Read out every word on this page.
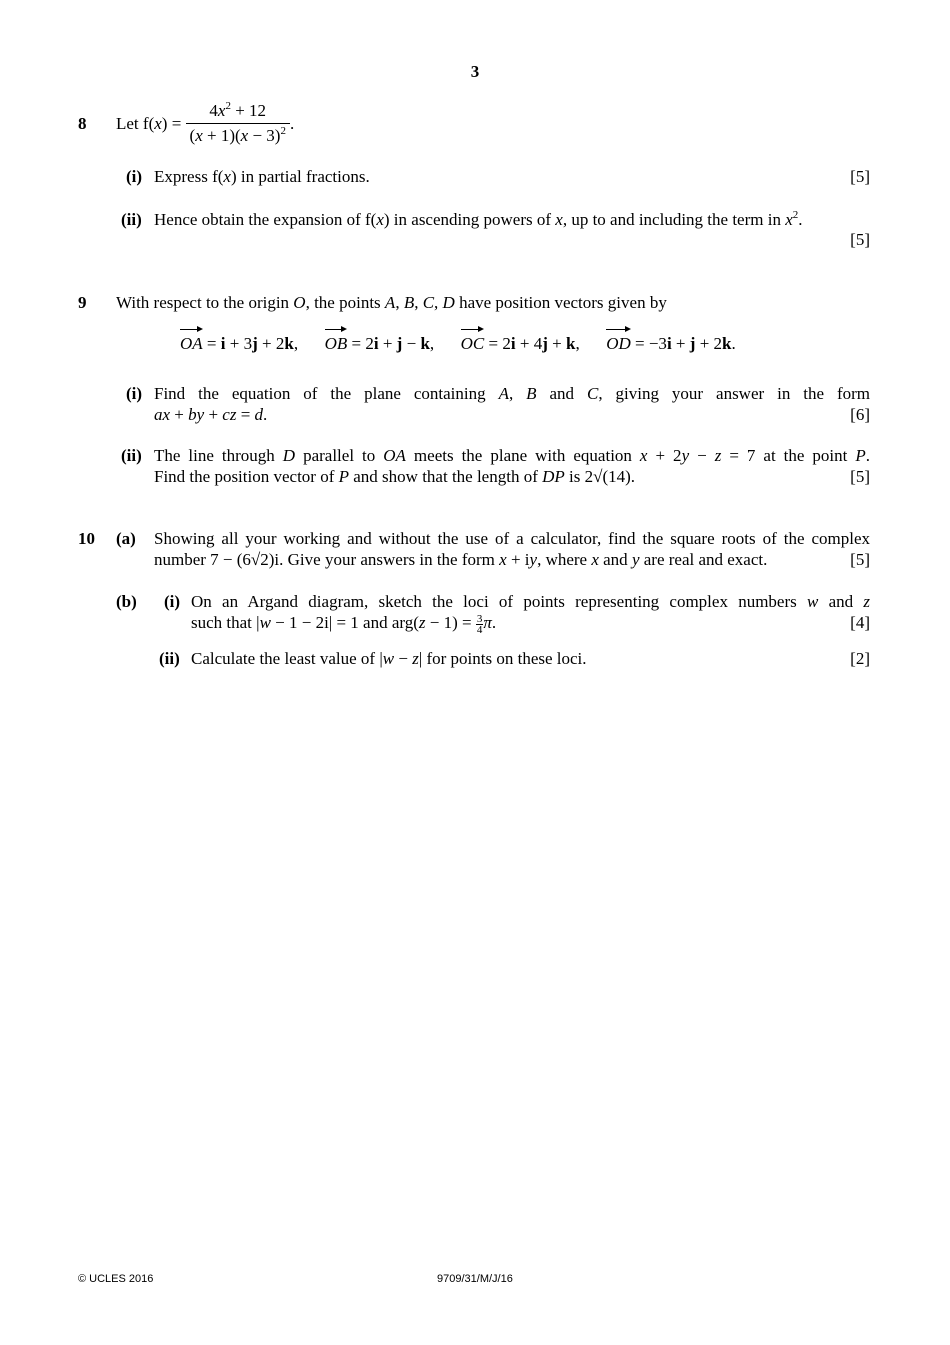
3
8 Let $f(x) = \frac{4x^2 + 12}{(x + 1)(x - 3)^2}$ .
(i) Express f(x) in partial fractions.	[5]
(ii) Hence obtain the expansion of f(x) in ascending powers of x, up to and including the term in $x^2$.
[5]
9 With respect to the origin O, the points A, B, C, D have position vectors given by
OA = i + 3j + 2k, OB = 2i + j − k, OC = 2i + 4j + k, OD = −3i + j + 2k.
(i) Find the equation of the plane containing A, B and C, giving your answer in the form
ax + by + cz = d.	[6]
(ii) The line through D parallel to OA meets the plane with equation x + 2y − z = 7 at the point P.
Find the position vector of P and show that the length of DP is 2√(14).	[5]
10 (a) Showing all your working and without the use of a calculator, find the square roots of the complex
number 7 − (6√2)i. Give your answers in the form x + iy, where x and y are real and exact.	[5]
(b) (i) On an Argand diagram, sketch the loci of points representing complex numbers w and z
such that |w − 1 − 2i| = 1 and $arg(z - 1) = \frac{3}{4} \pi$.	[4]
(ii) Calculate the least value of |w − z| for points on these loci.	[2]
© UCLES 2016	9709/31/M/J/16
